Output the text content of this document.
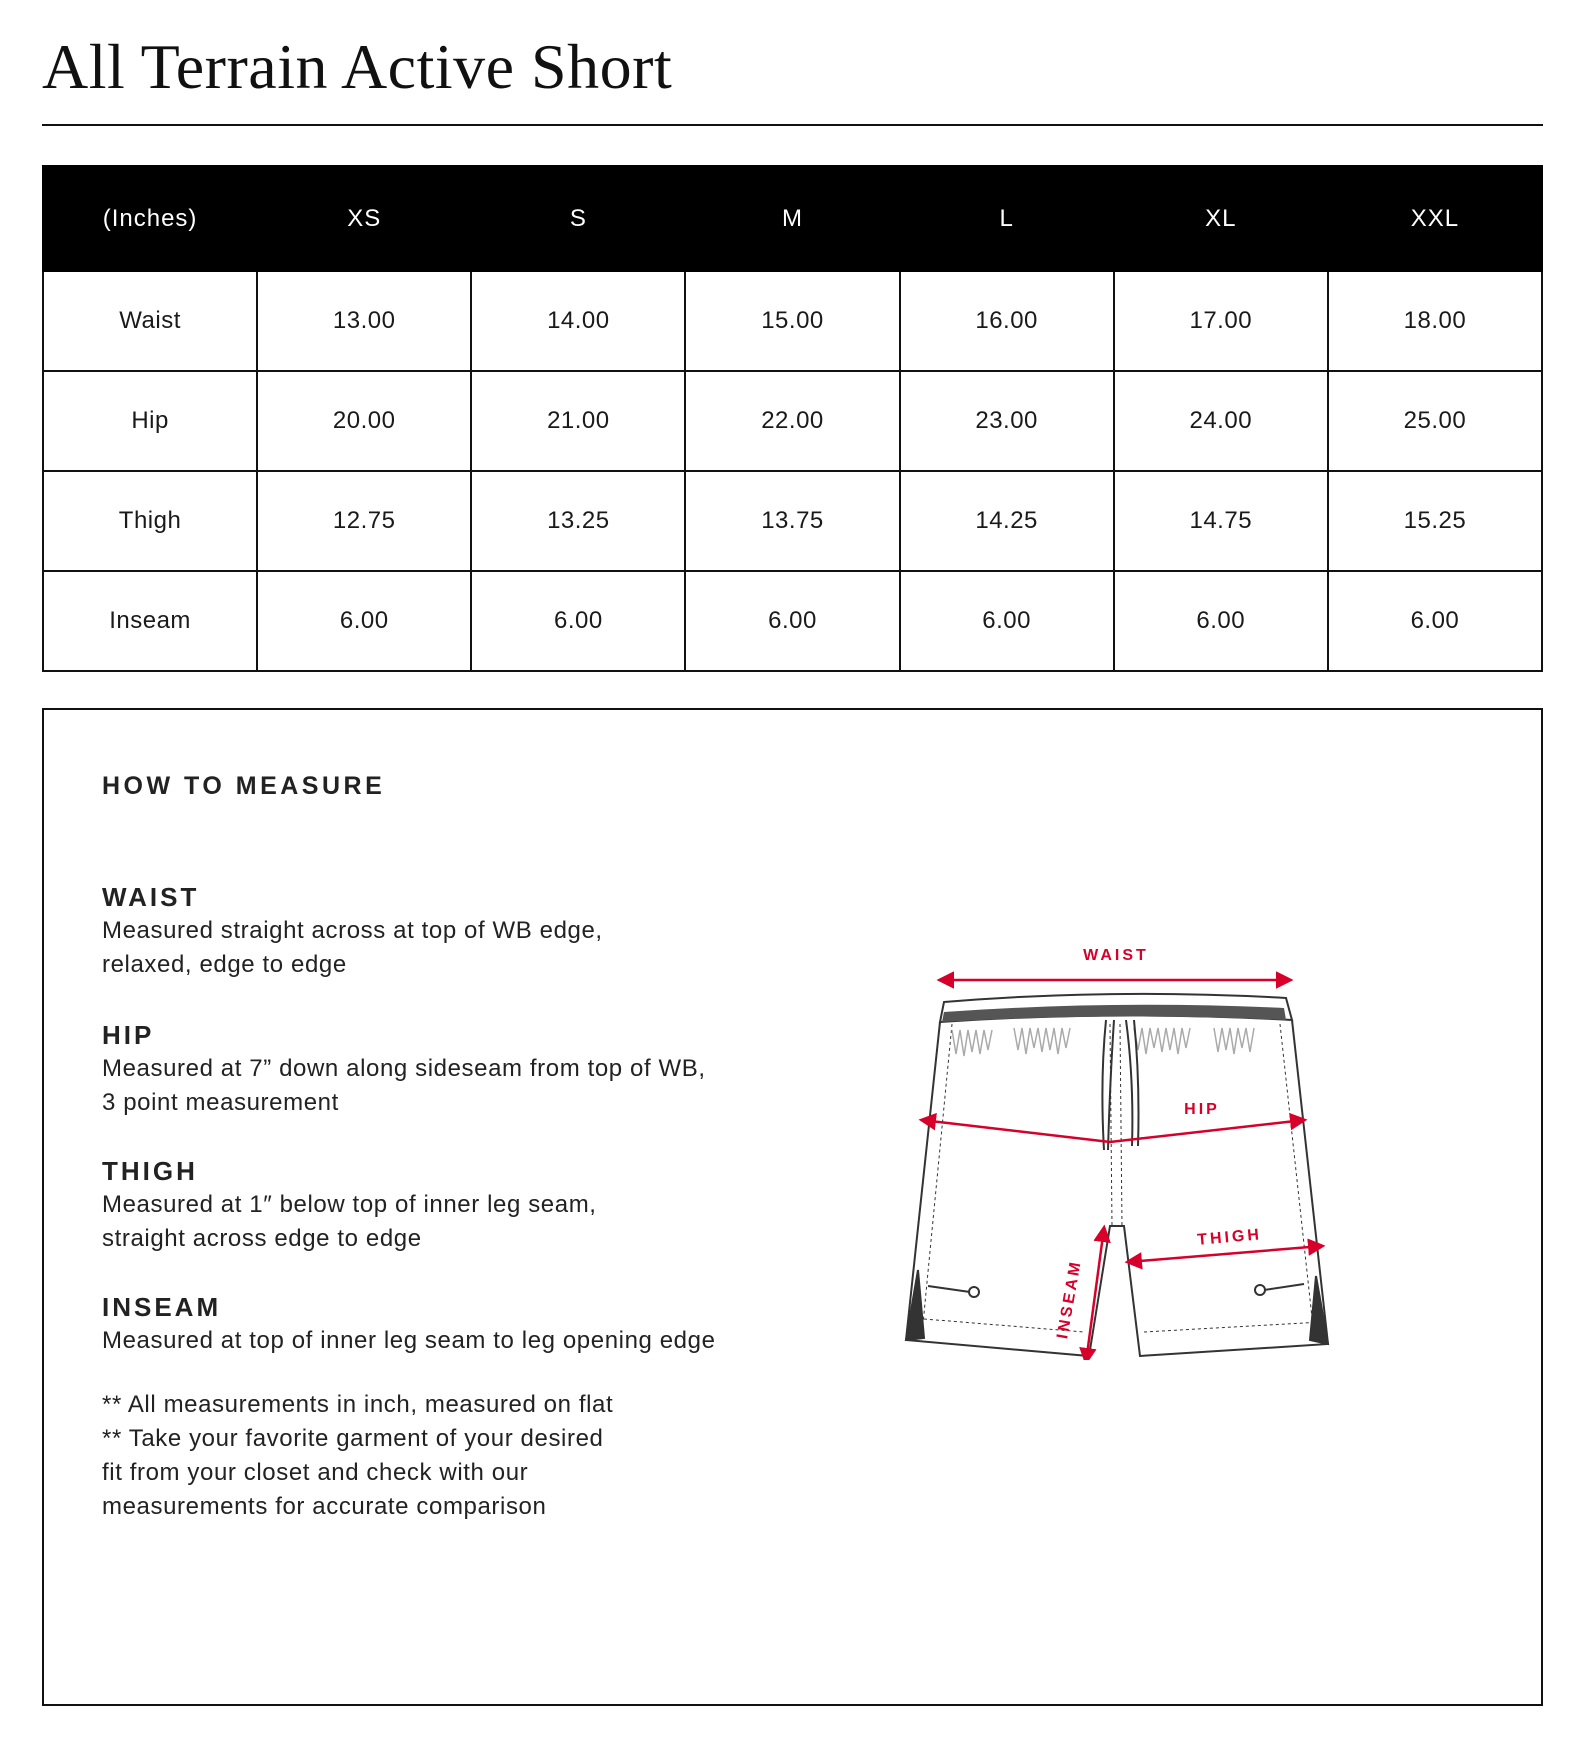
All Terrain Active Short
(Inches)	XS	S	M	L	XL	XXL
Waist	13.00	14.00	15.00	16.00	17.00	18.00
Hip	20.00	21.00	22.00	23.00	24.00	25.00
Thigh	12.75	13.25	13.75	14.25	14.75	15.25
Inseam	6.00	6.00	6.00	6.00	6.00	6.00
HOW TO MEASURE
WAIST

Measured straight across at top of WB edge,

relaxed, edge to edge

HIP

Measured at 7” down along sideseam from top of WB,

3 point measurement

THIGH

Measured at 1″ below top of inner leg seam,

straight across edge to edge

INSEAM

Measured at top of inner leg seam to leg opening edge

** All measurements in inch, measured on flat

** Take your favorite garment of your desired

fit from your closet and check with our

measurements for accurate comparison

WAIST
HIP
THIGH
INSEAM
